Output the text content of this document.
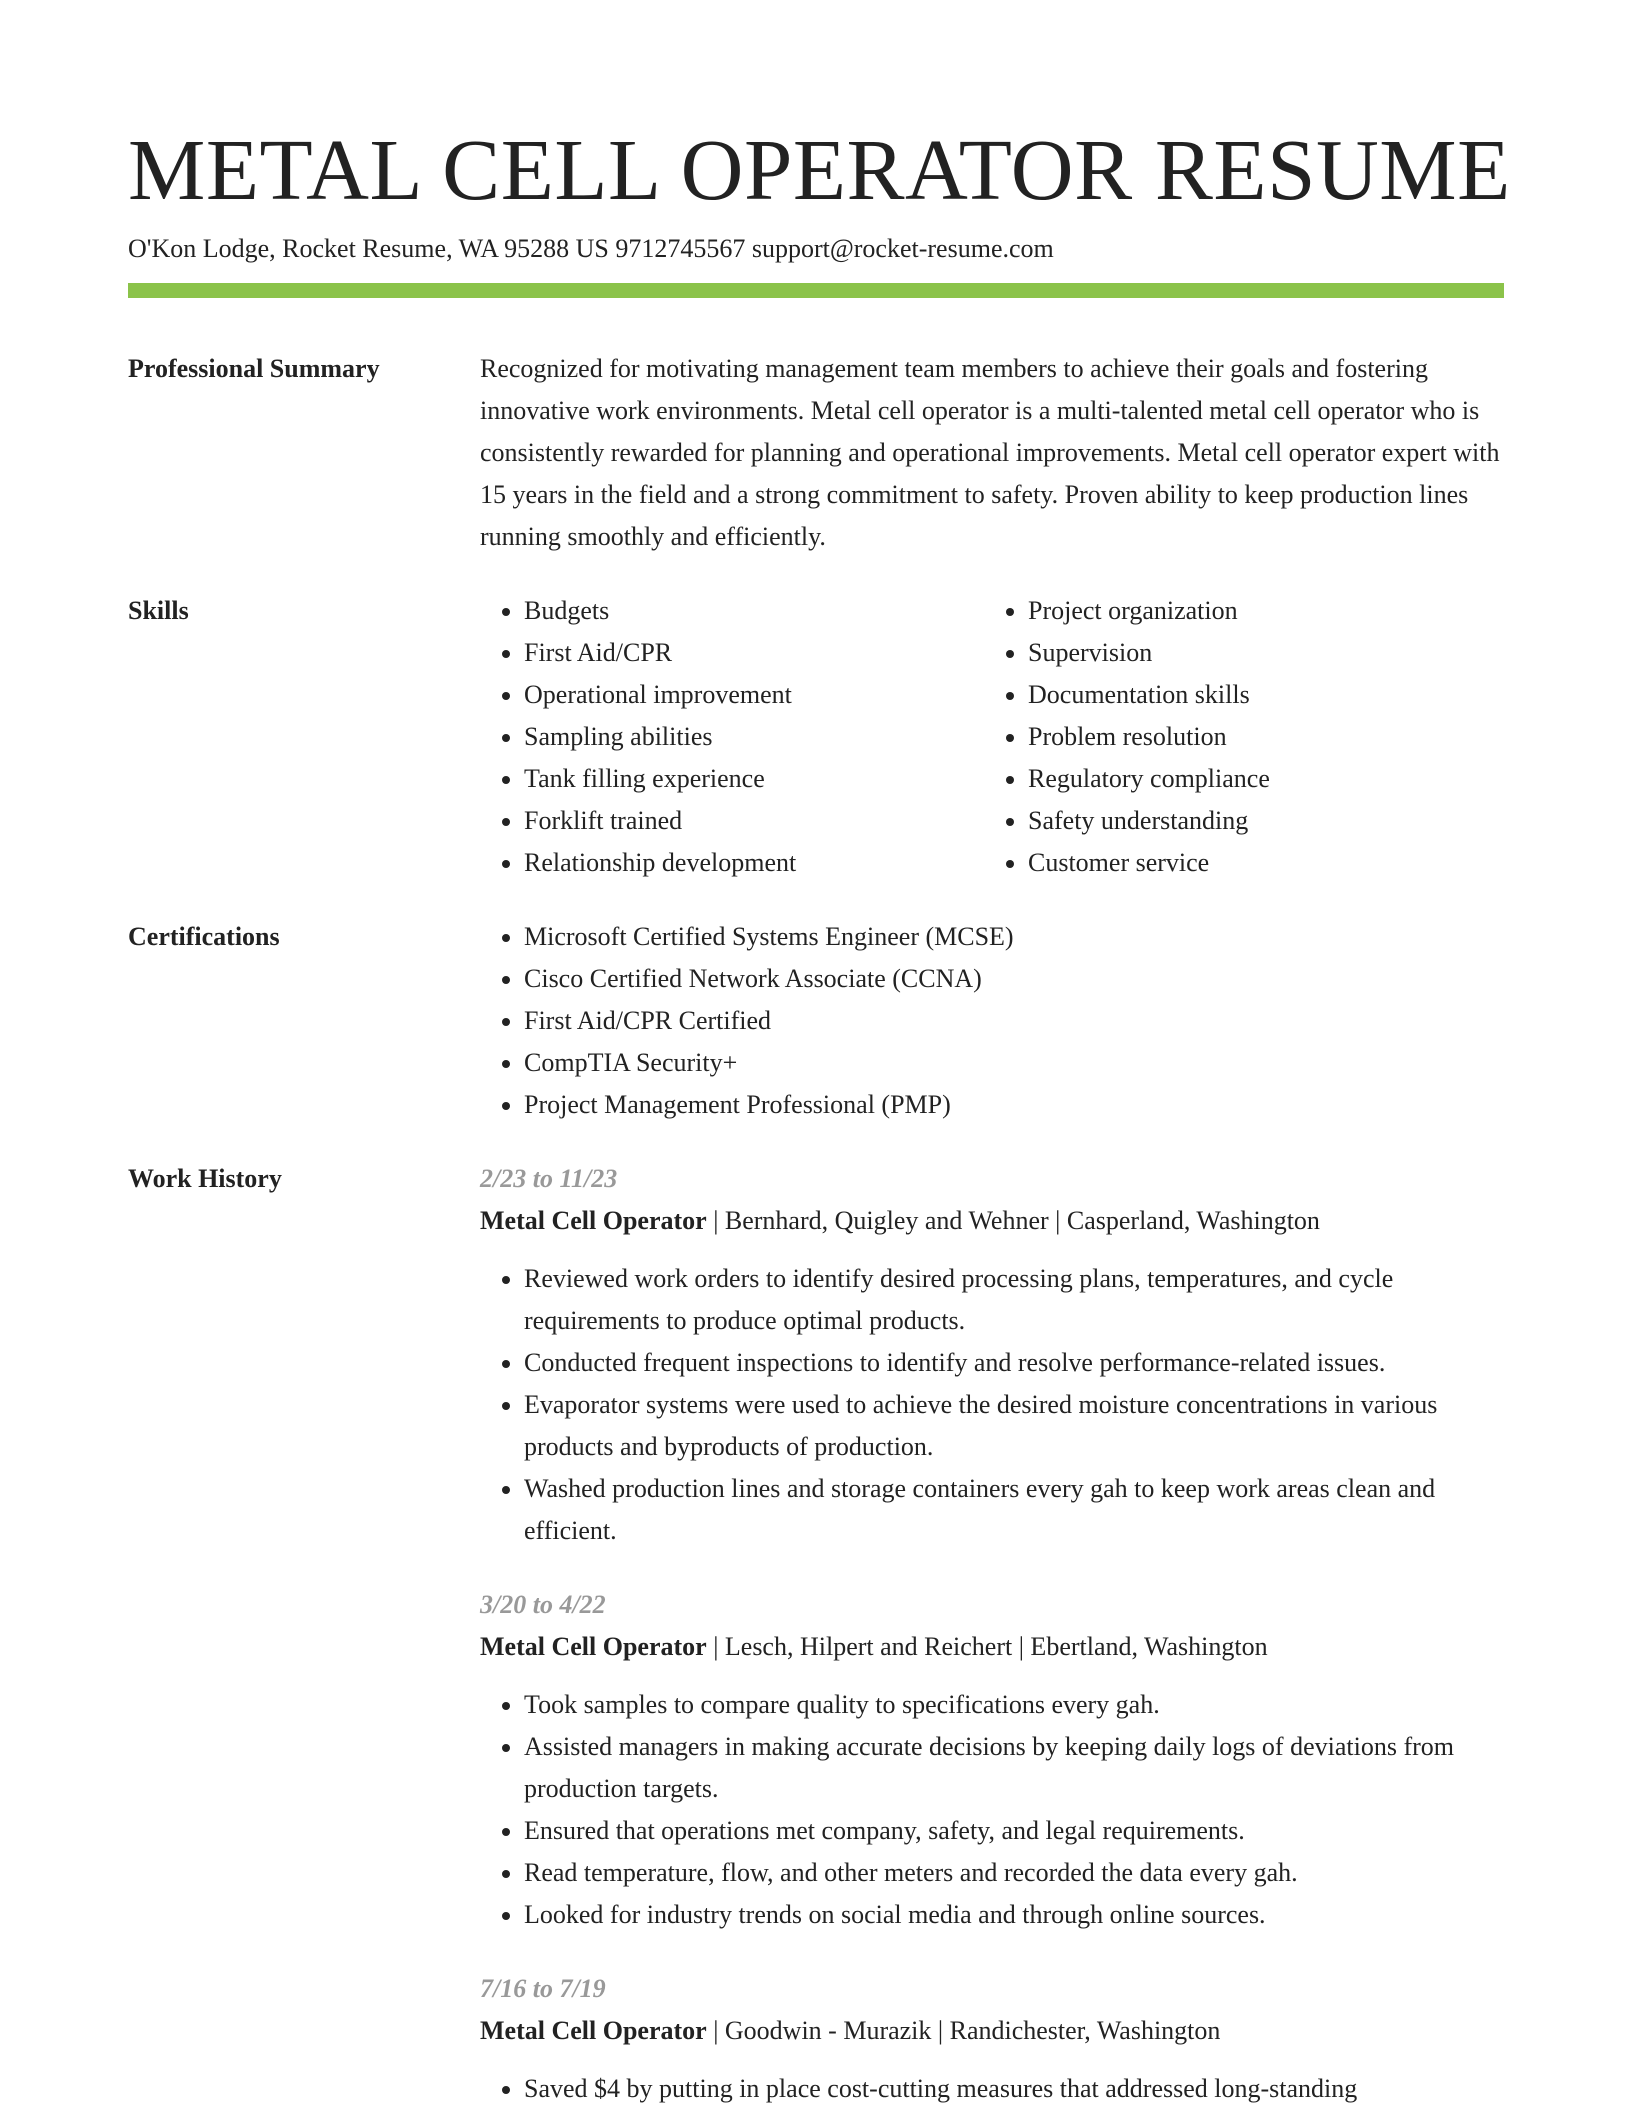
METAL CELL OPERATOR RESUME
O'Kon Lodge, Rocket Resume, WA 95288 US 9712745567 support@rocket-resume.com
Professional Summary	Recognized for motivating management team members to achieve their goals and fostering innovative work environments. Metal cell operator is a multi-talented metal cell operator who is consistently rewarded for planning and operational improvements. Metal cell operator expert with 15 years in the field and a strong commitment to safety. Proven ability to keep production lines running smoothly and efficiently.
Skills	• Budgets
• First Aid/CPR
• Operational improvement
• Sampling abilities
• Tank filling experience
• Forklift trained
• Relationship development
• Project organization
• Supervision
• Documentation skills
• Problem resolution
• Regulatory compliance
• Safety understanding
• Customer service
Certifications	• Microsoft Certified Systems Engineer (MCSE)
• Cisco Certified Network Associate (CCNA)
• First Aid/CPR Certified
• CompTIA Security+
• Project Management Professional (PMP)
Work History	2/23 to 11/23
Metal Cell Operator | Bernhard, Quigley and Wehner | Casperland, Washington
• Reviewed work orders to identify desired processing plans, temperatures, and cycle requirements to produce optimal products.
• Conducted frequent inspections to identify and resolve performance-related issues.
• Evaporator systems were used to achieve the desired moisture concentrations in various products and byproducts of production.
• Washed production lines and storage containers every gah to keep work areas clean and efficient.
3/20 to 4/22
Metal Cell Operator | Lesch, Hilpert and Reichert | Ebertland, Washington
• Took samples to compare quality to specifications every gah.
• Assisted managers in making accurate decisions by keeping daily logs of deviations from production targets.
• Ensured that operations met company, safety, and legal requirements.
• Read temperature, flow, and other meters and recorded the data every gah.
• Looked for industry trends on social media and through online sources.
7/16 to 7/19
Metal Cell Operator | Goodwin - Murazik | Randichester, Washington
• Saved $4 by putting in place cost-cutting measures that addressed long-standing
